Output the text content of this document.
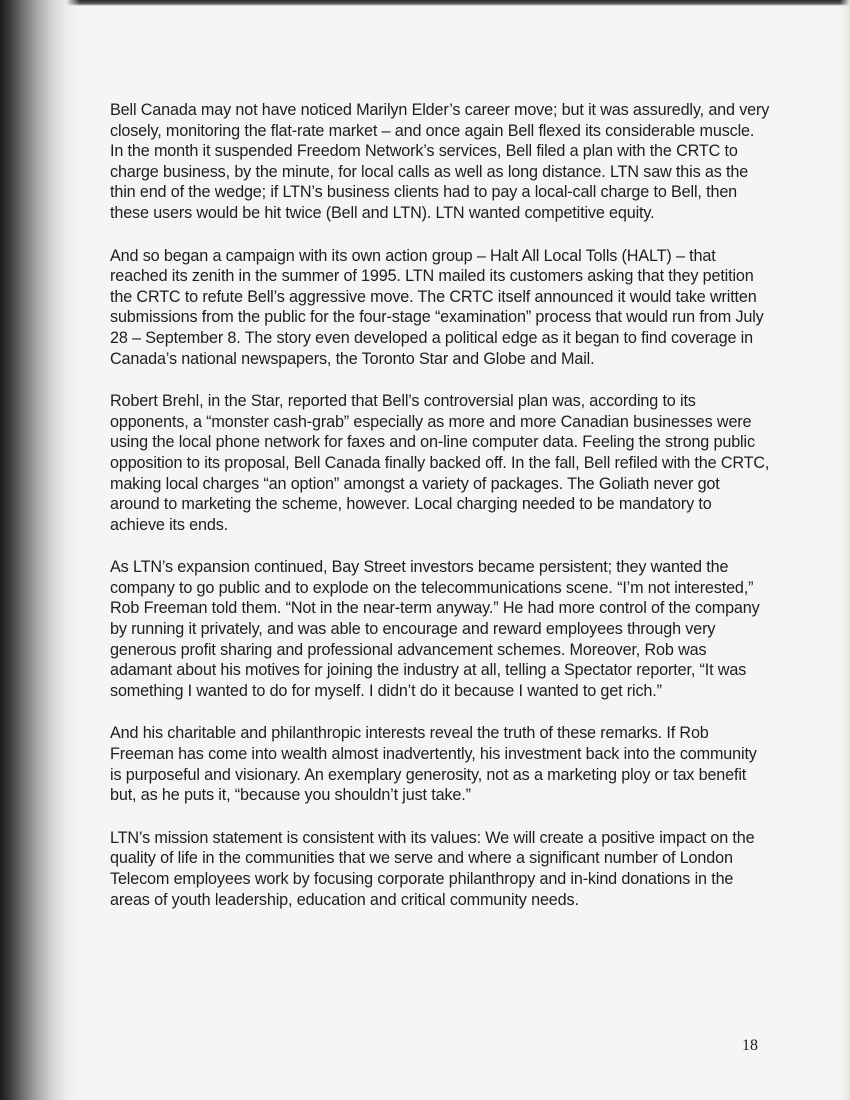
Bell Canada may not have noticed Marilyn Elder’s career move; but it was assuredly, and very closely, monitoring the flat-rate market – and once again Bell flexed its considerable muscle. In the month it suspended Freedom Network’s services, Bell filed a plan with the CRTC to charge business, by the minute, for local calls as well as long distance. LTN saw this as the thin end of the wedge; if LTN’s business clients had to pay a local-call charge to Bell, then these users would be hit twice (Bell and LTN). LTN wanted competitive equity.

And so began a campaign with its own action group – Halt All Local Tolls (HALT) – that reached its zenith in the summer of 1995. LTN mailed its customers asking that they petition the CRTC to refute Bell’s aggressive move. The CRTC itself announced it would take written submissions from the public for the four-stage “examination” process that would run from July 28 – September 8. The story even developed a political edge as it began to find coverage in Canada’s national newspapers, the Toronto Star and Globe and Mail.

Robert Brehl, in the Star, reported that Bell’s controversial plan was, according to its opponents, a “monster cash-grab” especially as more and more Canadian businesses were using the local phone network for faxes and on-line computer data. Feeling the strong public opposition to its proposal, Bell Canada finally backed off. In the fall, Bell refiled with the CRTC, making local charges “an option” amongst a variety of packages. The Goliath never got around to marketing the scheme, however. Local charging needed to be mandatory to achieve its ends.

As LTN’s expansion continued, Bay Street investors became persistent; they wanted the company to go public and to explode on the telecommunications scene. “I’m not interested,” Rob Freeman told them. “Not in the near-term anyway.” He had more control of the company by running it privately, and was able to encourage and reward employees through very generous profit sharing and professional advancement schemes. Moreover, Rob was adamant about his motives for joining the industry at all, telling a Spectator reporter, “It was something I wanted to do for myself. I didn’t do it because I wanted to get rich.”

And his charitable and philanthropic interests reveal the truth of these remarks. If Rob Freeman has come into wealth almost inadvertently, his investment back into the community is purposeful and visionary. An exemplary generosity, not as a marketing ploy or tax benefit but, as he puts it, “because you shouldn’t just take.”

LTN’s mission statement is consistent with its values: We will create a positive impact on the quality of life in the communities that we serve and where a significant number of London Telecom employees work by focusing corporate philanthropy and in-kind donations in the areas of youth leadership, education and critical community needs.

18
